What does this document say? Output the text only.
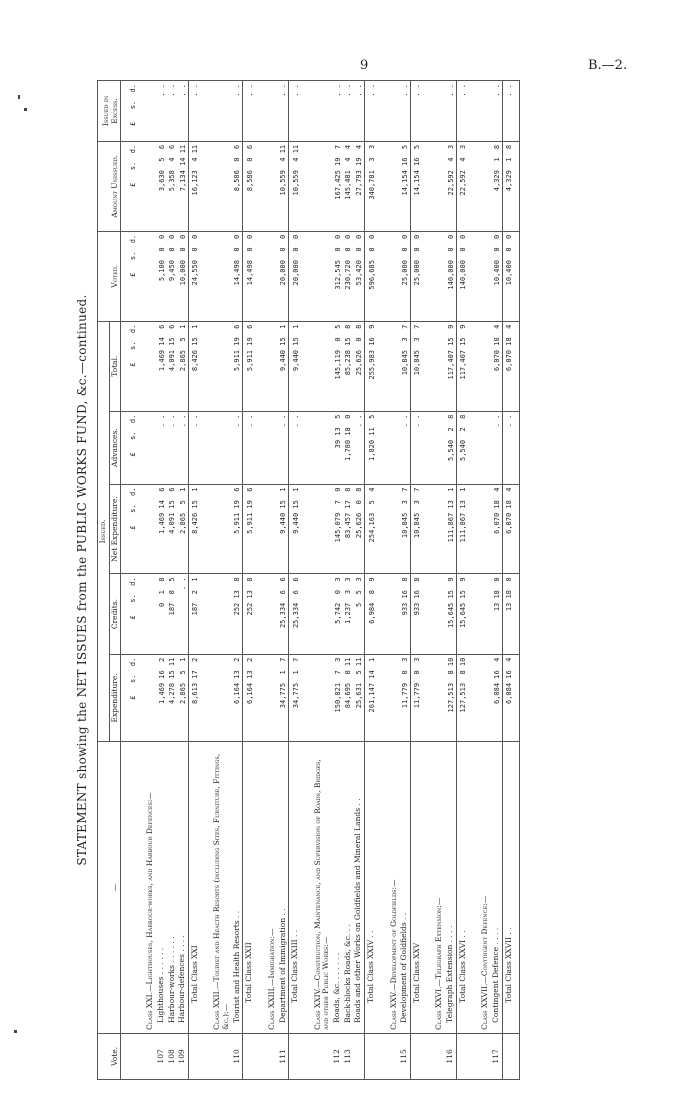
9	B.—2.
STATEMENT showing the NET ISSUES from the PUBLIC WORKS FUND, &c.—continued.
Vote.	—	Issued.					Voted.	Amount Unissued.	Issued in Excess.
		Expenditure.	Credits.	Net Expenditure.	Advances.	Total.			
		£   s.  d.	£   s.  d.	£   s.  d.	£   s.  d.	£   s.  d.	£   s.  d.	£   s.  d.	£   s.  d.
	Class XXI.—Lighthouses, Harbour-works, and Harbour Defences:—								
107	Lighthouses . . . . . .	1,469 16  2	0  1  8	1,469 14  6	. .	1,469 14  6	5,100  0  0	3,630  5  6	. .
108	Harbour-works . . . . . .	4,278 15 11	187  0  5	4,091 15  6	. .	4,091 15  6	9,450  0  0	5,358  4  6	. .
109	Harbour-defences . . . .	2,865  5  1	. .	2,865  5  1	. .	2,865  5  1	10,000  0  0	7,134 14 11	. .
	Total Class XXI	8,613 17  2	187  2  1	8,426 15  1	. .	8,426 15  1	24,550  0  0	16,123  4 11	. .
	Class XXII.—Tourist and Health Resorts (including Sites, Furniture, Fittings, &c.):—								
110	Tourist and Health Resorts . .	6,164 13  2	252 13  8	5,911 19  6	. .	5,911 19  6	14,498  0  0	8,586  0  6	. .
	Total Class XXII	6,164 13  2	252 13  8	5,911 19  6	. .	5,911 19  6	14,498  0  0	8,586  0  6	. .
	Class XXIII.—Immigration:—								
111	Department of Immigration . .	34,775  1  7	25,334  6  6	9,440 15  1	. .	9,440 15  1	20,000  0  0	10,559  4 11	. .
	Total Class XXIII . .	34,775  1  7	25,334  6  6	9,440 15  1	. .	9,440 15  1	20,000  0  0	10,559  4 11	. .
	Class XXIV.—Construction, Maintenance, and Supervision of Roads, Bridges, and other Public Works:—								
112	Roads, &c. . . . . . .	150,821  7  3	5,742  0  3	145,079  7  0	39 13  5	145,119  0  5	312,545  0  0	167,425 19  7	. .
113	Back-blocks Roads, &c. . .	84,695  0 11	1,237  3  3	83,457 17  8	1,780 18  0	85,238 15  8	230,720  0  0	145,481  4  4	. .
	Roads and other Works on Goldfields and Mineral Lands . .	25,631  5 11	5  5  3	25,626  0  8	. .	25,626  0  8	53,420  0  0	27,793 19  4	. .
	Total Class XXIV . .	261,147 14  1	6,984  8  9	254,163  5  4	1,820 11  5	255,983 16  9	596,685  0  0	340,701  3  3	. .
	Class XXV.—Development of Goldfields:—								
115	Development of Goldfields . .	11,779  0  3	933 16  8	10,845  3  7	. .	10,845  3  7	25,000  0  0	14,154 16  5	. .
	Total Class XXV	11,779  0  3	933 16  8	10,845  3  7	. .	10,845  3  7	25,000  0  0	14,154 16  5	. .
	Class XXVI.—Telegraph Extension:—								
116	Telegraph Extension . . . .	127,513  8 10	15,645 15  9	111,867 13  1	5,540  2  8	117,407 15  9	140,000  0  0	22,592  4  3	. .
	Total Class XXVI . .	127,513  8 10	15,645 15  9	111,867 13  1	5,540  2  8	117,407 15  9	140,000  0  0	22,592  4  3	. .
	Class XXVII.—Contingent Defence:—								
117	Contingent Defence . . . .	6,084 16  4	13 18  0	6,070 18  4	. .	6,070 18  4	10,400  0  0	4,329  1  8	. .
	Total Class XXVII . .	6,084 16  4	13 18  0	6,070 18  4	. .	6,070 18  4	10,400  0  0	4,329  1  8	. .
